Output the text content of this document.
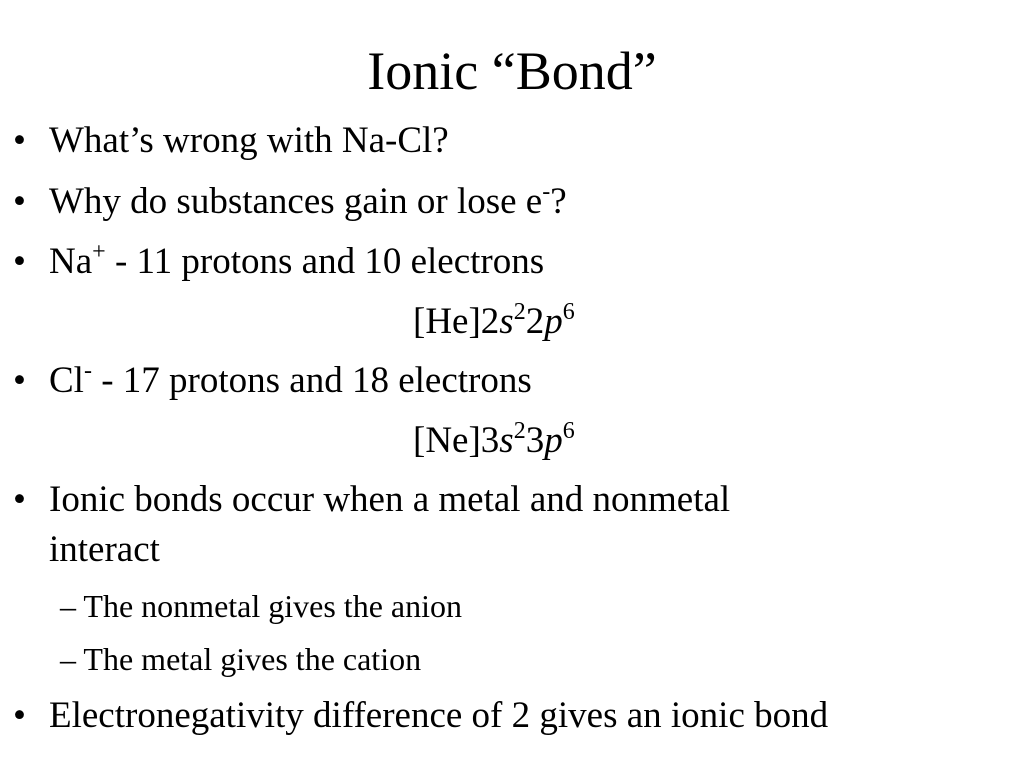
Ionic “Bond”
• What’s wrong with Na-Cl?
• Why do substances gain or lose e-?
• Na+ - 11 protons and 10 electrons
$[He]2s^22p^6$
• Cl- - 17 protons and 18 electrons
$[Ne]3s^23p^6$
• Ionic bonds occur when a metal and nonmetal
interact
– The nonmetal gives the anion
– The metal gives the cation
• Electronegativity difference of 2 gives an ionic bond
